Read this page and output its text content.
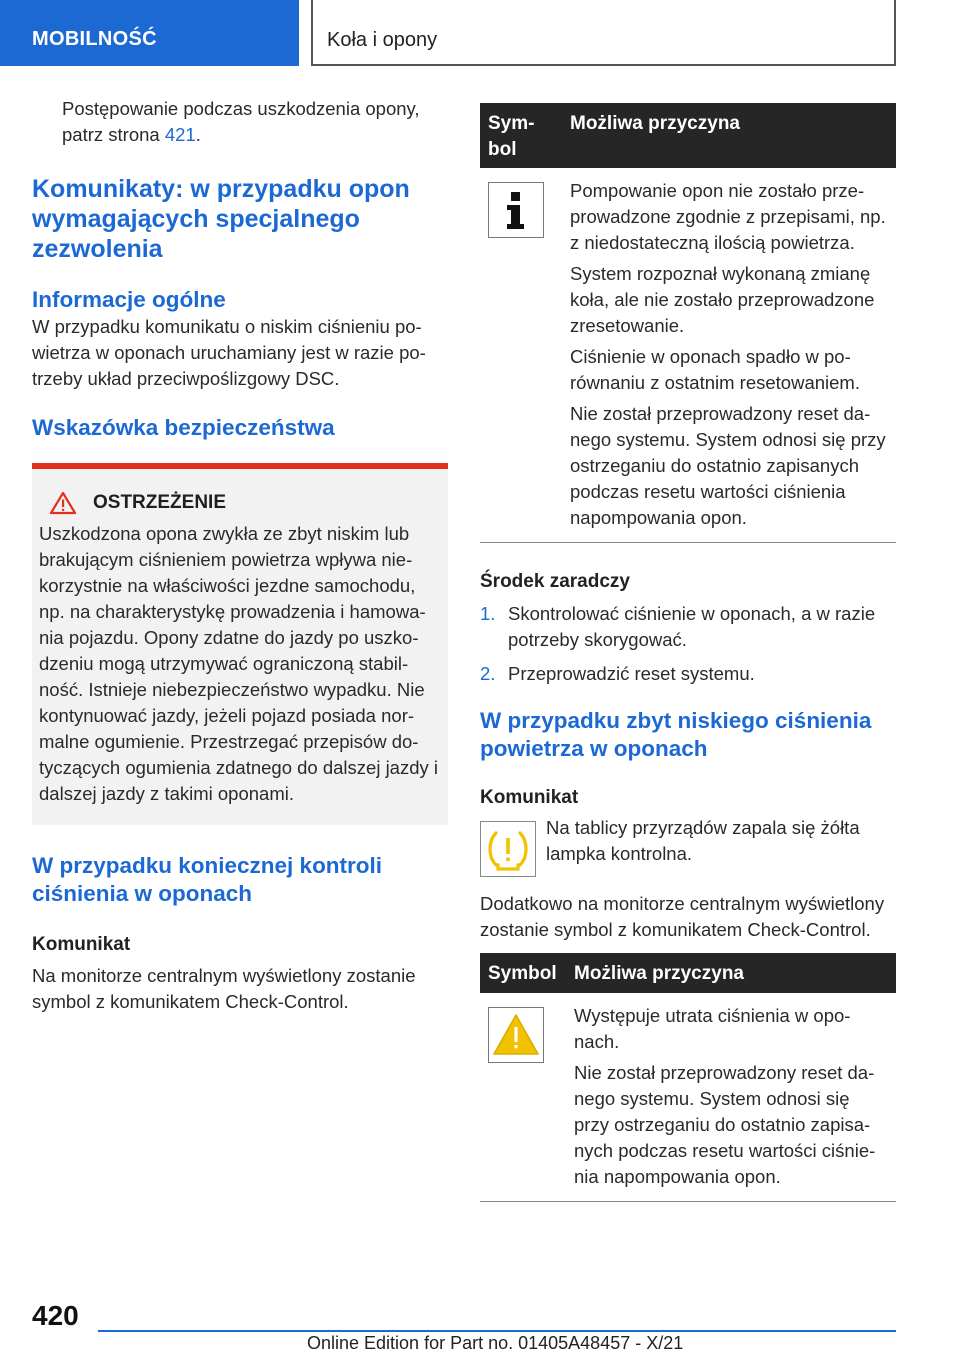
MOBILNOŚĆ	Koła i opony

Postępowanie podczas uszkodzenia opony, patrz strona 421.

Komunikaty: w przypadku opon wymagających specjalnego zezwolenia
Informacje ogólne

W przypadku komunikatu o niskim ciśnieniu powietrza w oponach uruchamiany jest w razie potrzeby układ przeciwpoślizgowy DSC.

Wskazówka bezpieczeństwa
OSTRZEŻENIE

Uszkodzona opona zwykła ze zbyt niskim lub brakującym ciśnieniem powietrza wpływa niekorzystnie na właściwości jezdne samochodu, np. na charakterystykę prowadzenia i hamowania pojazdu. Opony zdatne do jazdy po uszkodzeniu mogą utrzymywać ograniczoną stabilność. Istnieje niebezpieczeństwo wypadku. Nie kontynuować jazdy, jeżeli pojazd posiada normalne ogumienie. Przestrzegać przepisów dotyczących ogumienia zdatnego do dalszej jazdy i dalszej jazdy z takimi oponami.

W przypadku koniecznej kontroli ciśnienia w oponach
Komunikat

Na monitorze centralnym wyświetlony zostanie symbol z komunikatem Check-Control.

Symbol
Możliwa przyczyna

Pompowanie opon nie zostało przeprowadzone zgodnie z przepisami, np. z niedostateczną ilością powietrza.

System rozpoznał wykonaną zmianę koła, ale nie zostało przeprowadzone zresetowanie.

Ciśnienie w oponach spadło w porównaniu z ostatnim resetowaniem.

Nie został przeprowadzony reset danego systemu. System odnosi się przy ostrzeganiu do ostatnio zapisanych podczas resetu wartości ciśnienia napompowania opon.

Środek zaradczy
1. Skontrolować ciśnienie w oponach, a w razie potrzeby skorygować.
2. Przeprowadzić reset systemu.
W przypadku zbyt niskiego ciśnienia powietrza w oponach
Komunikat

Na tablicy przyrządów zapala się żółta lampka kontrolna.

Dodatkowo na monitorze centralnym wyświetlony zostanie symbol z komunikatem Check-Control.

Symbol Możliwa przyczyna

Występuje utrata ciśnienia w oponach.

Nie został przeprowadzony reset danego systemu. System odnosi się przy ostrzeganiu do ostatnio zapisanych podczas resetu wartości ciśnienia napompowania opon.

420
Online Edition for Part no. 01405A48457 - X/21
